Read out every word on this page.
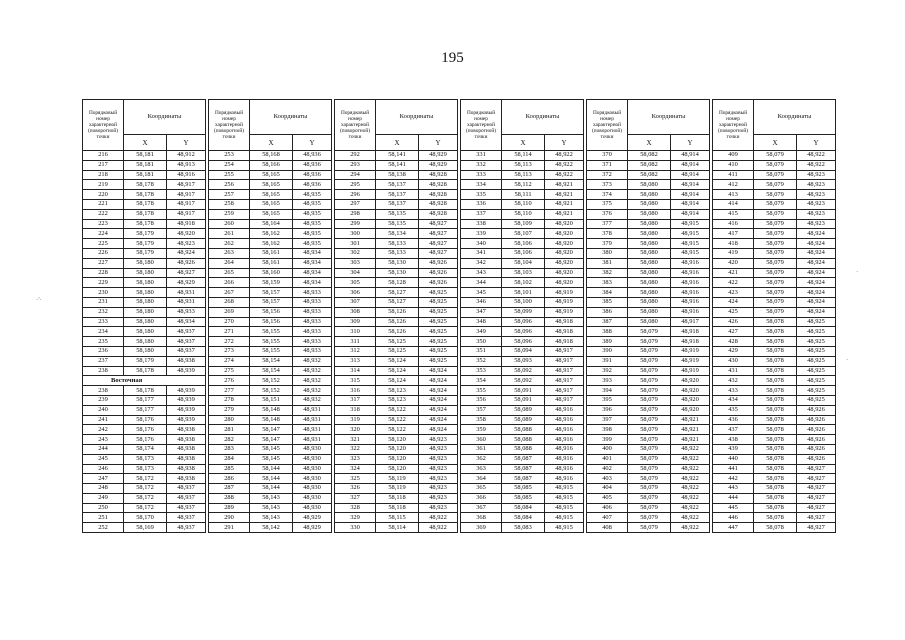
195
Порядковый номер характерной (поворотной) точки	Координаты	
	X	Y
216	58,181	48,912
217	58,181	48,913
218	58,181	48,916
219	58,178	48,917
220	58,178	48,917
221	58,178	48,917
222	58,178	48,917
223	58,178	48,918
224	58,179	48,920
225	58,179	48,923
226	58,179	48,924
227	58,180	48,926
228	58,180	48,927
229	58,180	48,929
230	58,180	48,931
231	58,180	48,931
232	58,180	48,933
233	58,180	48,934
234	58,180	48,937
235	58,180	48,937
236	58,180	48,937
237	58,179	48,938
238	58,178	48,939
Восточная		
238	58,178	48,939
239	58,177	48,939
240	58,177	48,939
241	58,176	48,939
242	58,176	48,938
243	58,176	48,938
244	58,174	48,938
245	58,173	48,938
246	58,173	48,938
247	58,172	48,938
248	58,172	48,937
249	58,172	48,937
250	58,172	48,937
251	58,170	48,937
252	58,169	48,937
Порядковый номер характерной (поворотной) точки	Координаты	
	X	Y
253	58,168	48,936
254	58,166	48,936
255	58,165	48,936
256	58,165	48,936
257	58,165	48,935
258	58,165	48,935
259	58,165	48,935
260	58,164	48,935
261	58,162	48,935
262	58,162	48,935
263	58,161	48,934
264	58,161	48,934
265	58,160	48,934
266	58,159	48,934
267	58,157	48,933
268	58,157	48,933
269	58,156	48,933
270	58,156	48,933
271	58,155	48,933
272	58,155	48,933
273	58,155	48,933
274	58,154	48,932
275	58,154	48,932
276	58,152	48,932
277	58,152	48,932
278	58,151	48,932
279	58,148	48,931
280	58,148	48,931
281	58,147	48,931
282	58,147	48,931
283	58,145	48,930
284	58,145	48,930
285	58,144	48,930
286	58,144	48,930
287	58,144	48,930
288	58,143	48,930
289	58,143	48,930
290	58,143	48,929
291	58,142	48,929
Порядковый номер характерной (поворотной) точки	Координаты	
	X	Y
292	58,141	48,929
293	58,141	48,929
294	58,138	48,928
295	58,137	48,928
296	58,137	48,928
297	58,137	48,928
298	58,135	48,928
299	58,135	48,927
300	58,134	48,927
301	58,133	48,927
302	58,133	48,927
303	58,130	48,926
304	58,130	48,926
305	58,128	48,926
306	58,127	48,925
307	58,127	48,925
308	58,126	48,925
309	58,126	48,925
310	58,126	48,925
311	58,125	48,925
312	58,125	48,925
313	58,124	48,925
314	58,124	48,924
315	58,124	48,924
316	58,123	48,924
317	58,123	48,924
318	58,122	48,924
319	58,122	48,924
320	58,122	48,924
321	58,120	48,923
322	58,120	48,923
323	58,120	48,923
324	58,120	48,923
325	58,119	48,923
326	58,119	48,923
327	58,118	48,923
328	58,118	48,923
329	58,115	48,922
330	58,114	48,922
Порядковый номер характерной (поворотной) точки	Координаты	
	X	Y
331	58,114	48,922
332	58,113	48,922
333	58,113	48,922
334	58,112	48,921
335	58,111	48,921
336	58,110	48,921
337	58,110	48,921
338	58,109	48,920
339	58,107	48,920
340	58,106	48,920
341	58,106	48,920
342	58,104	48,920
343	58,103	48,920
344	58,102	48,920
345	58,101	48,919
346	58,100	48,919
347	58,099	48,919
348	58,096	48,918
349	58,096	48,918
350	58,096	48,918
351	58,094	48,917
352	58,093	48,917
353	58,092	48,917
354	58,092	48,917
355	58,091	48,917
356	58,091	48,917
357	58,089	48,916
358	58,089	48,916
359	58,088	48,916
360	58,088	48,916
361	58,088	48,916
362	58,087	48,916
363	58,087	48,916
364	58,087	48,916
365	58,085	48,915
366	58,085	48,915
367	58,084	48,915
368	58,084	48,915
369	58,083	48,915
Порядковый номер характерной (поворотной) точки	Координаты	
	X	Y
370	58,082	48,914
371	58,082	48,914
372	58,082	48,914
373	58,080	48,914
374	58,080	48,914
375	58,080	48,914
376	58,080	48,914
377	58,080	48,915
378	58,080	48,915
379	58,080	48,915
380	58,080	48,915
381	58,080	48,916
382	58,080	48,916
383	58,080	48,916
384	58,080	48,916
385	58,080	48,916
386	58,080	48,916
387	58,080	48,917
388	58,079	48,918
389	58,079	48,918
390	58,079	48,919
391	58,079	48,919
392	58,079	48,919
393	58,079	48,920
394	58,079	48,920
395	58,079	48,920
396	58,079	48,920
397	58,079	48,921
398	58,079	48,921
399	58,079	48,921
400	58,079	48,922
401	58,079	48,922
402	58,079	48,922
403	58,079	48,922
404	58,079	48,922
405	58,079	48,922
406	58,079	48,922
407	58,079	48,922
408	58,079	48,922
Порядковый номер характерной (поворотной) точки	Координаты	
	X	Y
409	58,079	48,922
410	58,079	48,922
411	58,079	48,923
412	58,079	48,923
413	58,079	48,923
414	58,079	48,923
415	58,079	48,923
416	58,079	48,923
417	58,079	48,924
418	58,079	48,924
419	58,079	48,924
420	58,079	48,924
421	58,079	48,924
422	58,079	48,924
423	58,079	48,924
424	58,079	48,924
425	58,079	48,924
426	58,078	48,925
427	58,078	48,925
428	58,078	48,925
429	58,078	48,925
430	58,078	48,925
431	58,078	48,925
432	58,078	48,925
433	58,078	48,925
434	58,078	48,925
435	58,078	48,926
436	58,078	48,926
437	58,078	48,926
438	58,078	48,926
439	58,078	48,926
440	58,078	48,926
441	58,078	48,927
442	58,078	48,927
443	58,078	48,927
444	58,078	48,927
445	58,078	48,927
446	58,078	48,927
447	58,078	48,927
·'·
·
·
